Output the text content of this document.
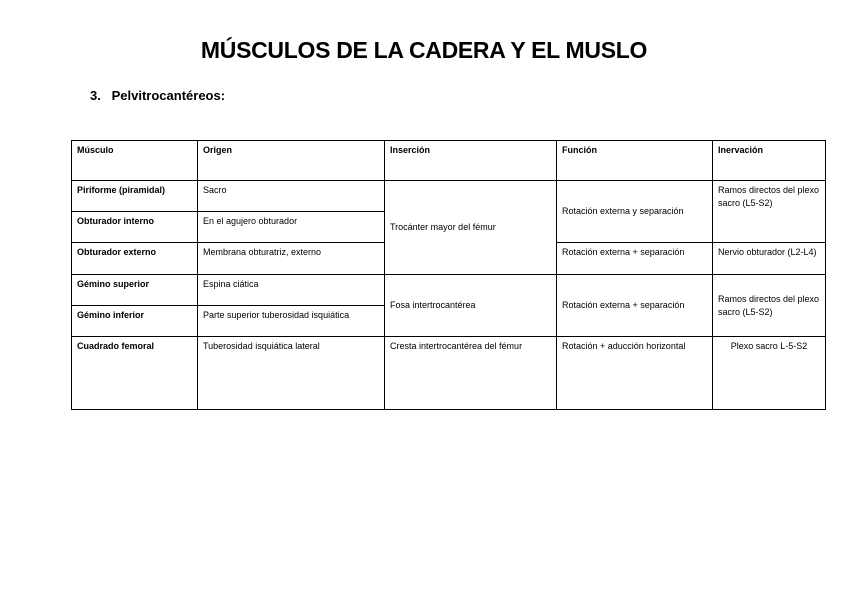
MÚSCULOS DE LA CADERA Y EL MUSLO
3. Pelvitrocantéreos:
Músculo	Origen	Inserción	Función	Inervación
Piriforme (piramidal)	Sacro	Trocánter mayor del fémur	Rotación externa y separación	Ramos directos del plexo sacro (L5-S2)
Obturador interno	En el agujero obturador			
Obturador externo	Membrana obturatriz, externo		Rotación externa + separación	Nervio obturador (L2-L4)
Gémino superior	Espina ciática	Fosa intertrocantérea	Rotación externa + separación	Ramos directos del plexo sacro (L5-S2)
Gémino inferior	Parte superior tuberosidad isquiática			
Cuadrado femoral	Tuberosidad isquiática lateral	Cresta intertrocantérea del fémur	Rotación + aducción horizontal	Plexo sacro L-5-S2
